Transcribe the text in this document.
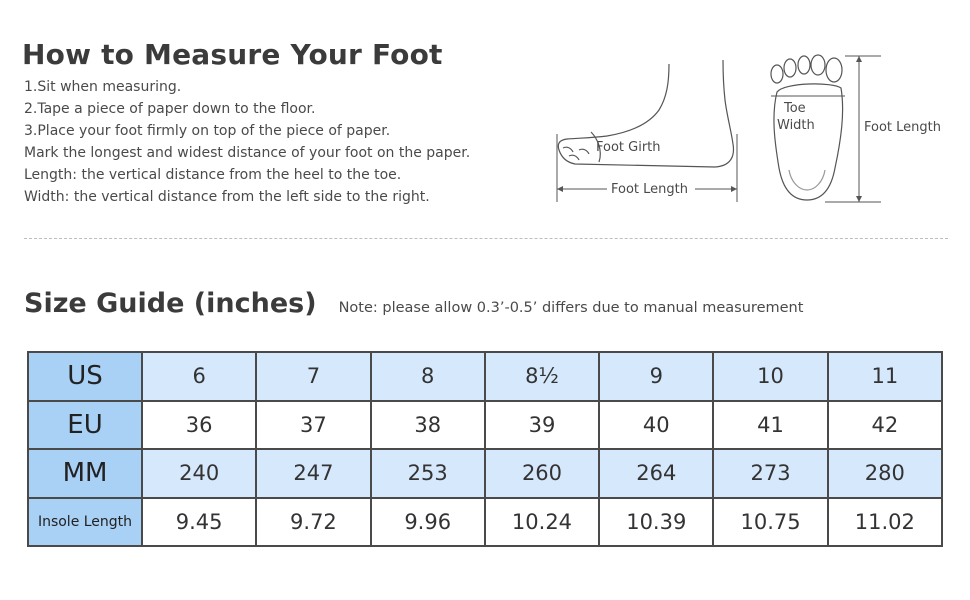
How to Measure Your Foot
1.Sit when measuring.
2.Tape a piece of paper down to the floor.
3.Place your foot firmly on top of the piece of paper.
Mark the longest and widest distance of your foot on the paper.
Length: the vertical distance from the heel to the toe.
Width: the vertical distance from the left side to the right.	Foot Length
Foot Girth
Toe
Width	Foot Length
Size Guide (inches) Note: please allow 0.3’-0.5’ differs due to manual measurement
US	6	7	8	8½	9	10	11
EU	36	37	38	39	40	41	42
MM	240	247	253	260	264	273	280
Insole Length	9.45	9.72	9.96	10.24	10.39	10.75	11.02
